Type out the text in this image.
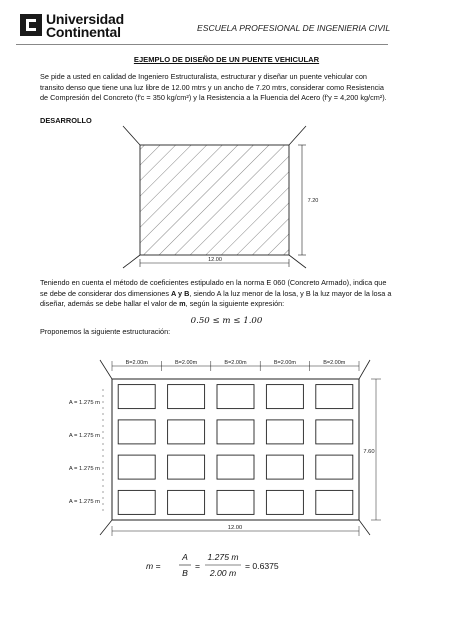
Universidad
Continental	ESCUELA PROFESIONAL DE INGENIERIA CIVIL
EJEMPLO DE DISEÑO DE UN PUENTE VEHICULAR
Se pide a usted en calidad de Ingeniero Estructuralista, estructurar y diseñar un puente vehicular con
transito denso que tiene una luz libre de 12.00 mtrs y un ancho de 7.20 mtrs, considerar como Resistencia
de Compresión del Concreto (f'c = 350 kg/cm²) y la Resistencia a la Fluencia del Acero (f'y = 4,200 kg/cm²).
DESARROLLO
12.00
7.20
Teniendo en cuenta el método de coeficientes estipulado en la norma E 060 (Concreto Armado), indica que
se debe de considerar dos dimensiones A y B, siendo A la luz menor de la losa, y B la luz mayor de la losa a
diseñar, además se debe hallar el valor de m, según la siguiente expresión:
0.50 ≤ m ≤ 1.00
Proponemos la siguiente estructuración:
B=2.00m	B=2.00m	B=2.00m	B=2.00m	B=2.00m
A = 1.275 m
A = 1.275 m
A = 1.275 m
A = 1.275 m
12.00
7.60
m =
A
B
=
1.275 m
2.00 m
= 0.6375
